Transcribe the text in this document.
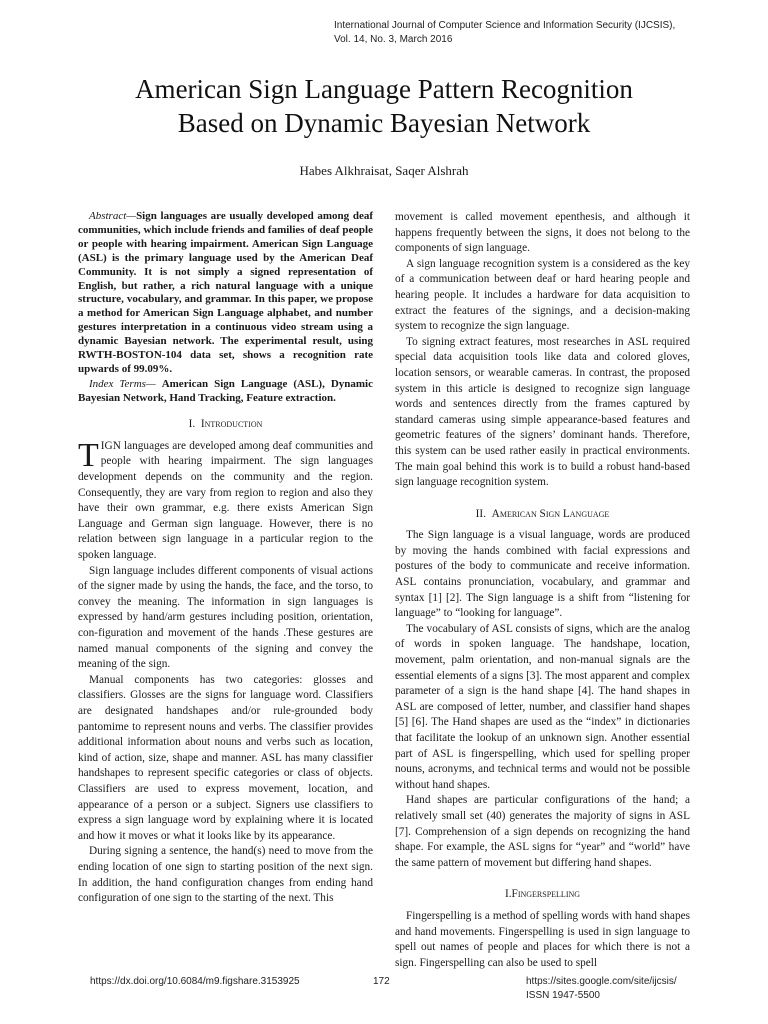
International Journal of Computer Science and Information Security (IJCSIS),
Vol. 14, No. 3, March 2016
American Sign Language Pattern Recognition
Based on Dynamic Bayesian Network
Habes Alkhraisat, Saqer Alshrah

Abstract—Sign languages are usually developed among deaf communities, which include friends and families of deaf people or people with hearing impairment. American Sign Language (ASL) is the primary language used by the American Deaf Community. It is not simply a signed representation of English, but rather, a rich natural language with a unique structure, vocabulary, and grammar. In this paper, we propose a method for American Sign Language alphabet, and number gestures interpretation in a continuous video stream using a dynamic Bayesian network. The experimental result, using RWTH-BOSTON-104 data set, shows a recognition rate upwards of 99.09%.

Index Terms— American Sign Language (ASL), Dynamic Bayesian Network, Hand Tracking, Feature extraction.

I.  Introduction

TIGN languages are developed among deaf communities and people with hearing impairment. The sign languages development depends on the community and the region. Consequently, they are vary from region to region and also they have their own grammar, e.g. there exists American Sign Language and German sign language. However, there is no relation between sign language in a particular region to the spoken language.

Sign language includes different components of visual actions of the signer made by using the hands, the face, and the torso, to convey the meaning. The information in sign languages is expressed by hand/arm gestures including position, orientation, con-figuration and movement of the hands .These gestures are named manual components of the signing and convey the meaning of the sign.

Manual components has two categories: glosses and classifiers. Glosses are the signs for language word. Classifiers are designated handshapes and/or rule-grounded body pantomime to represent nouns and verbs. The classifier provides additional information about nouns and verbs such as location, kind of action, size, shape and manner. ASL has many classifier handshapes to represent specific categories or class of objects. Classifiers are used to express movement, location, and appearance of a person or a subject. Signers use classifiers to express a sign language word by explaining where it is located and how it moves or what it looks like by its appearance.

During signing a sentence, the hand(s) need to move from the ending location of one sign to starting position of the next sign. In addition, the hand configuration changes from ending hand configuration of one sign to the starting of the next. This

movement is called movement epenthesis, and although it happens frequently between the signs, it does not belong to the components of sign language.

A sign language recognition system is a considered as the key of a communication between deaf or hard hearing people and hearing people. It includes a hardware for data acquisition to extract the features of the signings, and a decision-making system to recognize the sign language.

To signing extract features, most researches in ASL required special data acquisition tools like data and colored gloves, location sensors, or wearable cameras. In contrast, the proposed system in this article is designed to recognize sign language words and sentences directly from the frames captured by standard cameras using simple appearance-based features and geometric features of the signers’ dominant hands. Therefore, this system can be used rather easily in practical environments. The main goal behind this work is to build a robust hand-based sign language recognition system.

II.  American Sign Language

The Sign language is a visual language, words are produced by moving the hands combined with facial expressions and postures of the body to communicate and receive information. ASL contains pronunciation, vocabulary, and grammar and syntax [1] [2]. The Sign language is a shift from “listening for language” to “looking for language”.

The vocabulary of ASL consists of signs, which are the analog of words in spoken language. The handshape, location, movement, palm orientation, and non-manual signals are the essential elements of a signs [3]. The most apparent and complex parameter of a sign is the hand shape [4]. The hand shapes in ASL are composed of letter, number, and classifier hand shapes [5] [6]. The Hand shapes are used as the “index” in dictionaries that facilitate the lookup of an unknown sign. Another essential part of ASL is fingerspelling, which used for spelling proper nouns, acronyms, and technical terms and would not be possible without hand shapes.

Hand shapes are particular configurations of the hand; a relatively small set (40) generates the majority of signs in ASL [7]. Comprehension of a sign depends on recognizing the hand shape. For example, the ASL signs for “year” and “world” have the same pattern of movement but differing hand shapes.

I.Fingerspelling

Fingerspelling is a method of spelling words with hand shapes and hand movements. Fingerspelling is used in sign language to spell out names of people and places for which there is not a sign. Fingerspelling can also be used to spell

https://dx.doi.org/10.6084/m9.figshare.3153925	172	https://sites.google.com/site/ijcsis/
ISSN 1947-5500
